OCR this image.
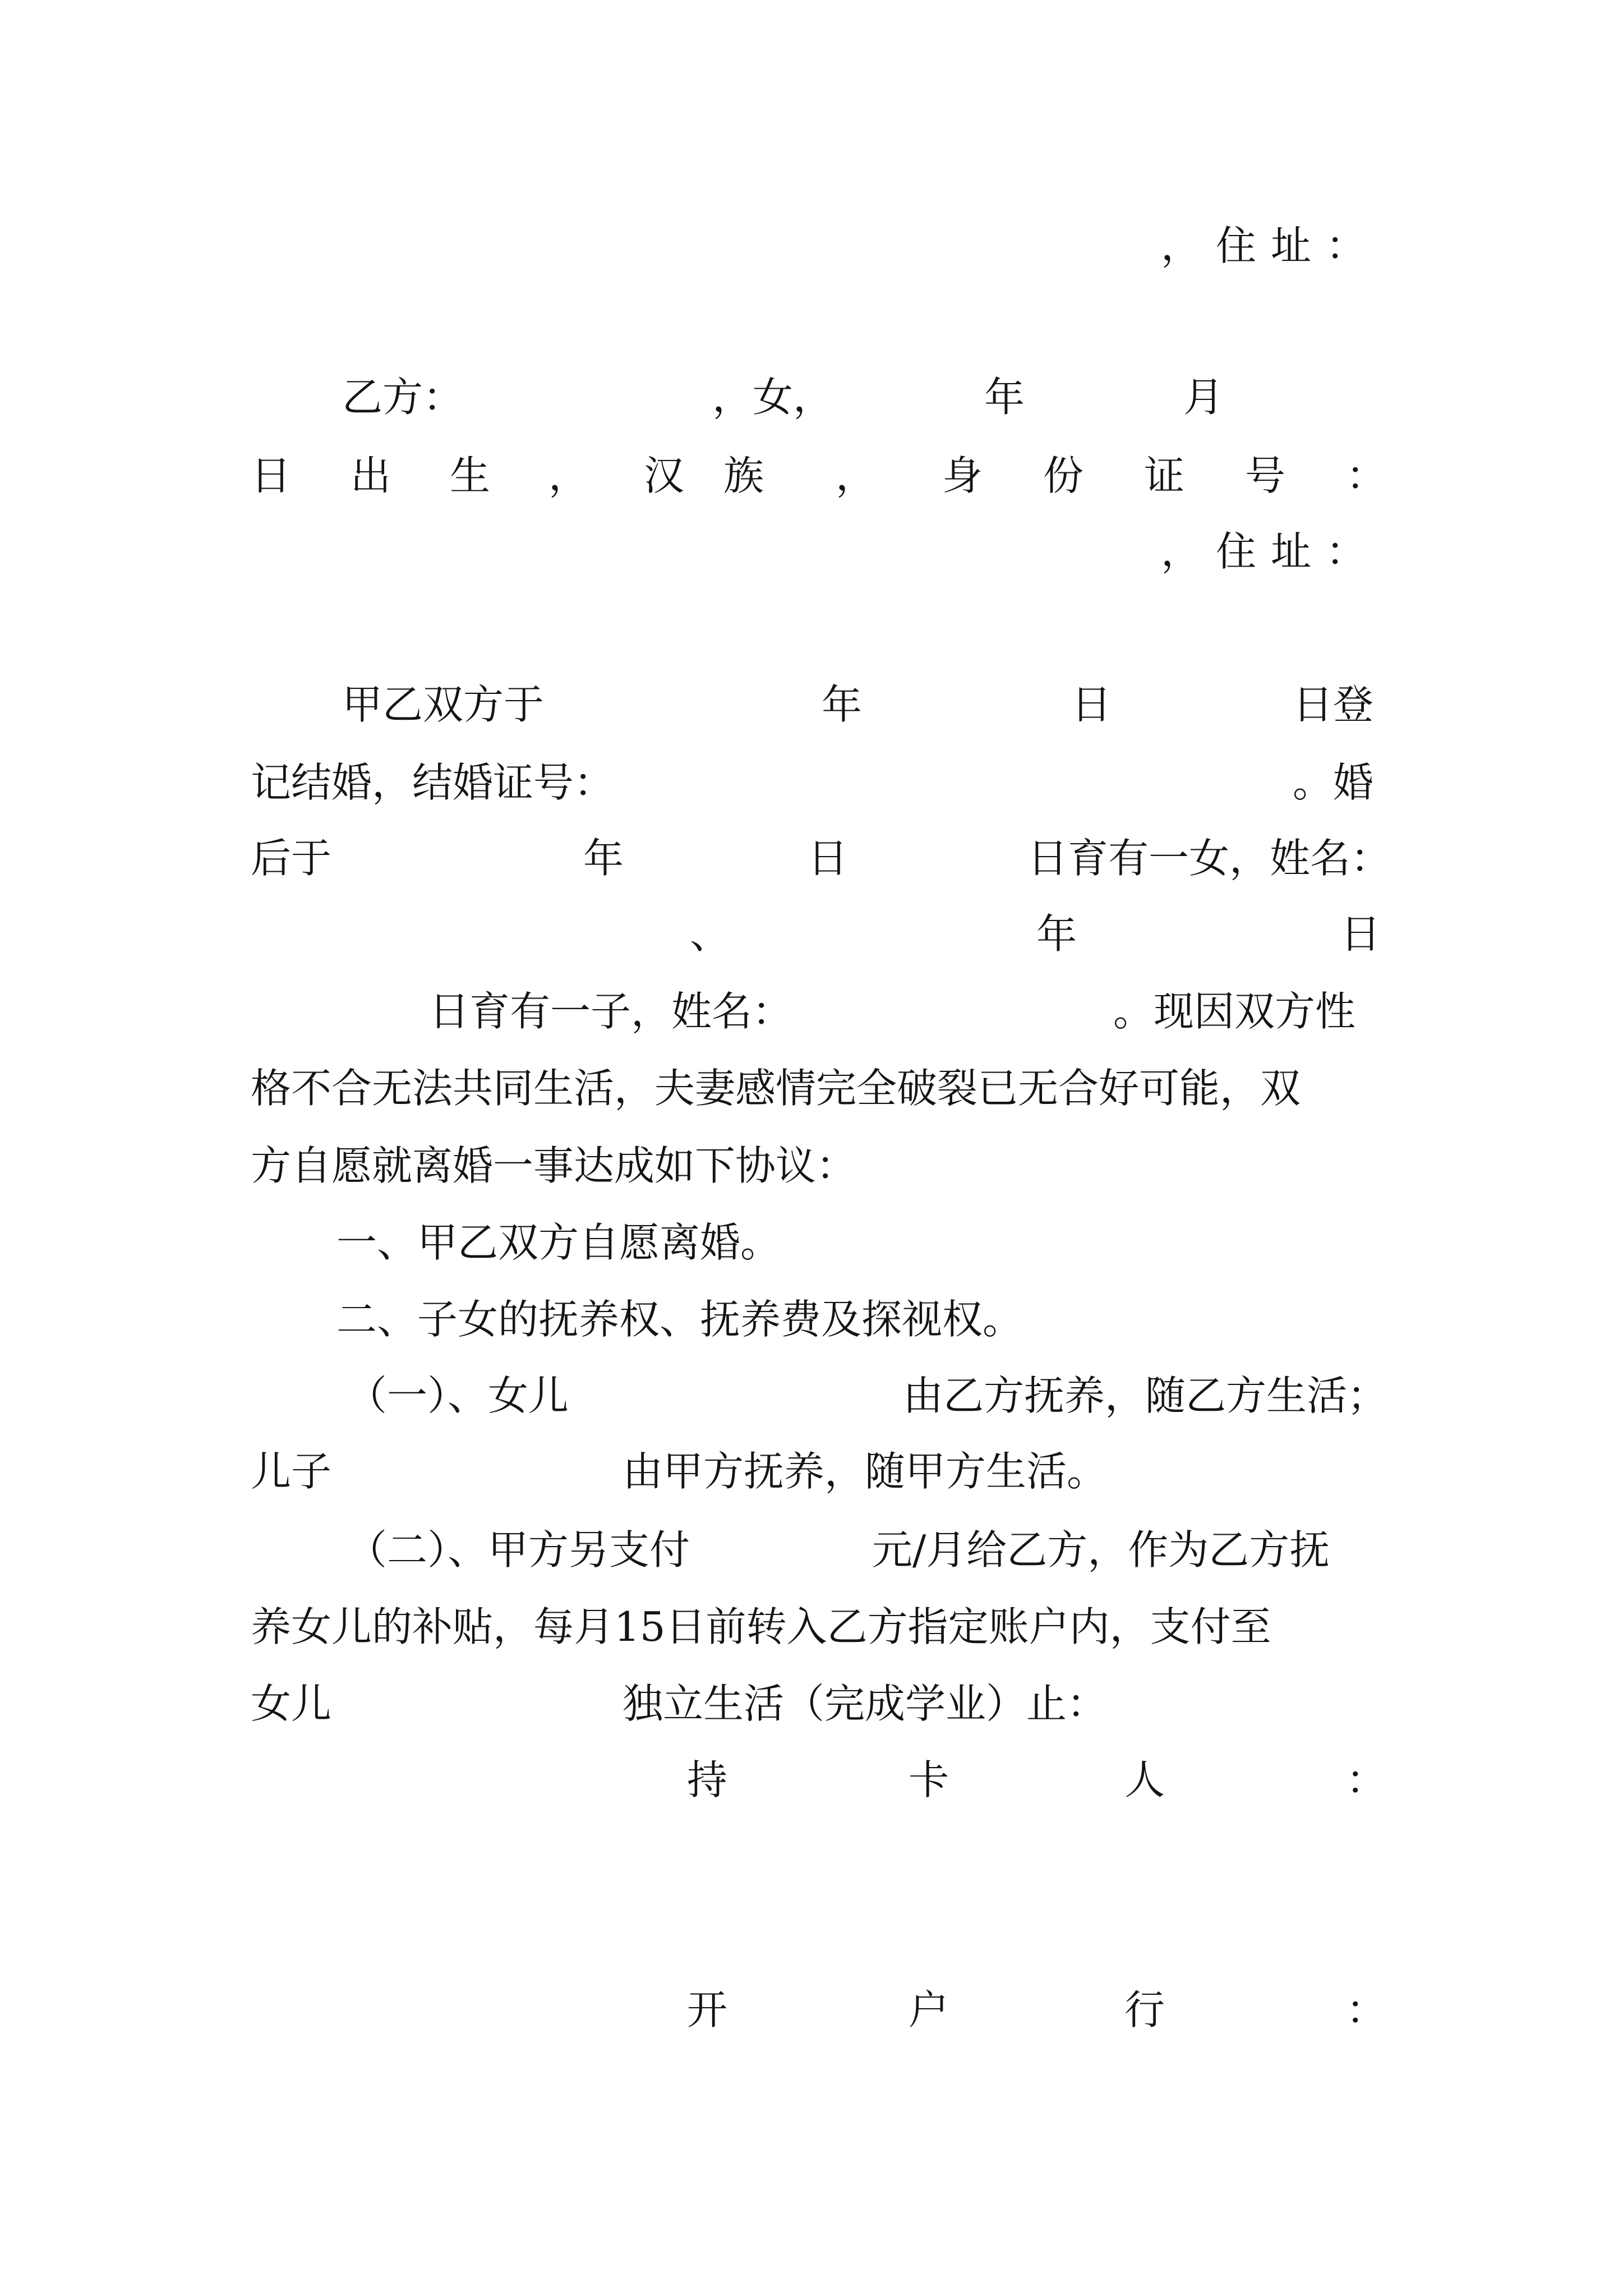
，住址：
乙方：	，女，	年	月
日 出 生 ， 汉 族 ， 身 份 证 号 ：
，住址：
甲乙双方于	年	日	日登
记结婚，结婚证号：	。婚
后于	年	日	日育有一女，姓名：
、	年	日
日育有一子，姓名：	。现因双方性
格不合无法共同生活，夫妻感情完全破裂已无合好可能，双
方自愿就离婚一事达成如下协议：
一、甲乙双方自愿离婚。
二、子女的抚养权、抚养费及探视权。
（一）、女儿	由乙方抚养，随乙方生活；
儿子	由甲方抚养，随甲方生活。
（二）、甲方另支付	元/月给乙方，作为乙方抚
养女儿的补贴，每月15日前转入乙方指定账户内，支付至
女儿	独立生活（完成学业）止：
持	卡	人	：
开	户	行	：
